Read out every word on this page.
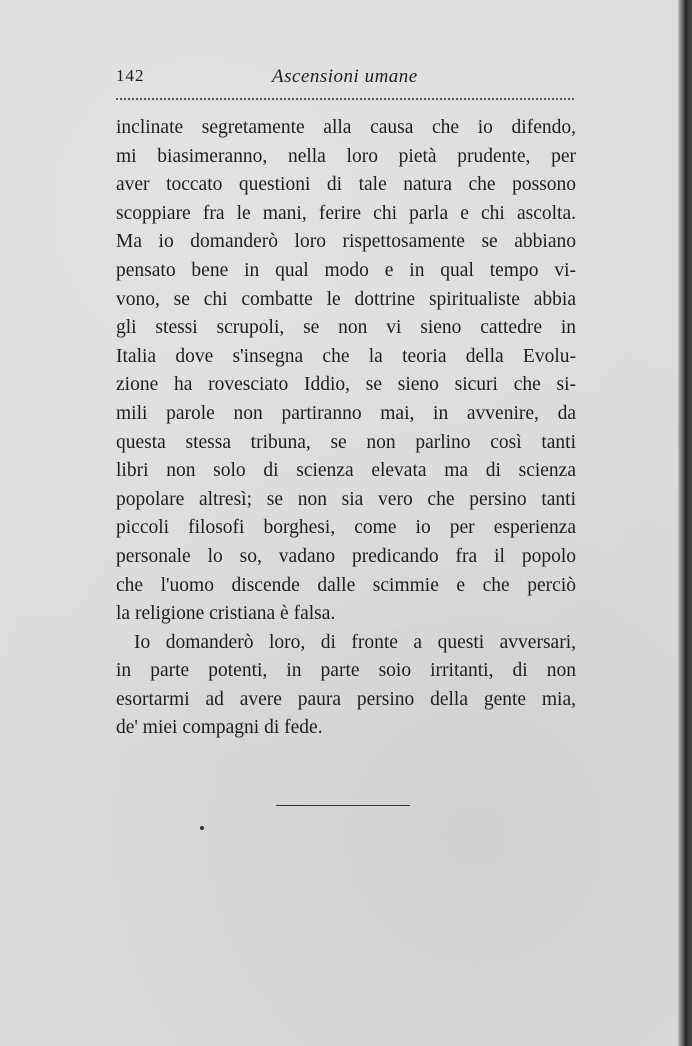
142	Ascensioni umane
inclinate segretamente alla causa che io difendo,
mi biasimeranno, nella loro pietà prudente, per
aver toccato questioni di tale natura che possono
scoppiare fra le mani, ferire chi parla e chi ascolta.
Ma io domanderò loro rispettosamente se abbiano
pensato bene in qual modo e in qual tempo vi-
vono, se chi combatte le dottrine spiritualiste abbia
gli stessi scrupoli, se non vi sieno cattedre in
Italia dove s'insegna che la teoria della Evolu-
zione ha rovesciato Iddio, se sieno sicuri che si-
mili parole non partiranno mai, in avvenire, da
questa stessa tribuna, se non parlino così tanti
libri non solo di scienza elevata ma di scienza
popolare altresì; se non sia vero che persino tanti
piccoli filosofi borghesi, come io per esperienza
personale lo so, vadano predicando fra il popolo
che l'uomo discende dalle scimmie e che perciò
la religione cristiana è falsa.
Io domanderò loro, di fronte a questi avversari,
in parte potenti, in parte soio irritanti, di non
esortarmi ad avere paura persino della gente mia,
de' miei compagni di fede.
